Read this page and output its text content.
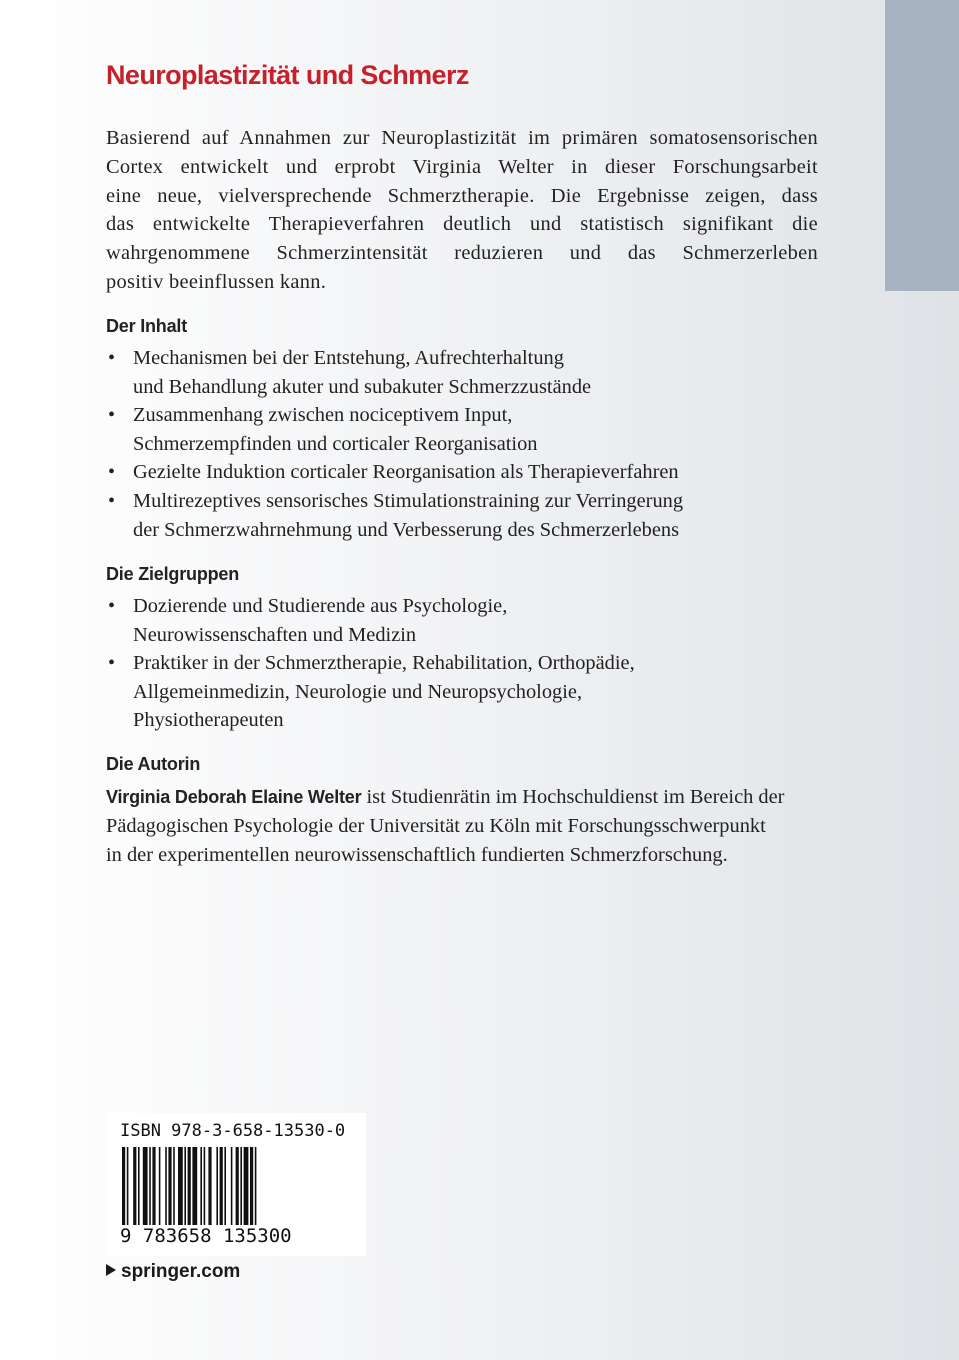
Neuroplastizität und Schmerz

Basierend auf Annahmen zur Neuroplastizität im primären somatosensorischen
Cortex entwickelt und erprobt Virginia Welter in dieser Forschungsarbeit
eine neue, vielversprechende Schmerztherapie. Die Ergebnisse zeigen, dass
das entwickelte Therapieverfahren deutlich und statistisch signifikant die
wahrgenommene Schmerzintensität reduzieren und das Schmerzerleben
positiv beeinflussen kann.

Der Inhalt
• Mechanismen bei der Entstehung, Aufrechterhaltung
und Behandlung akuter und subakuter Schmerzzustände
• Zusammenhang zwischen nociceptivem Input,
Schmerzempfinden und corticaler Reorganisation
• Gezielte Induktion corticaler Reorganisation als Therapieverfahren
• Multirezeptives sensorisches Stimulationstraining zur Verringerung
der Schmerzwahrnehmung und Verbesserung des Schmerzerlebens
Die Zielgruppen
• Dozierende und Studierende aus Psychologie,
Neurowissenschaften und Medizin
• Praktiker in der Schmerztherapie, Rehabilitation, Orthopädie,
Allgemeinmedizin, Neurologie und Neuropsychologie,
Physiotherapeuten
Die Autorin

Virginia Deborah Elaine Welter ist Studienrätin im Hochschuldienst im Bereich der
Pädagogischen Psychologie der Universität zu Köln mit Forschungsschwerpunkt
in der experimentellen neurowissenschaftlich fundierten Schmerzforschung.

ISBN 978-3-658-13530-0
9 783658 135300
springer.com
